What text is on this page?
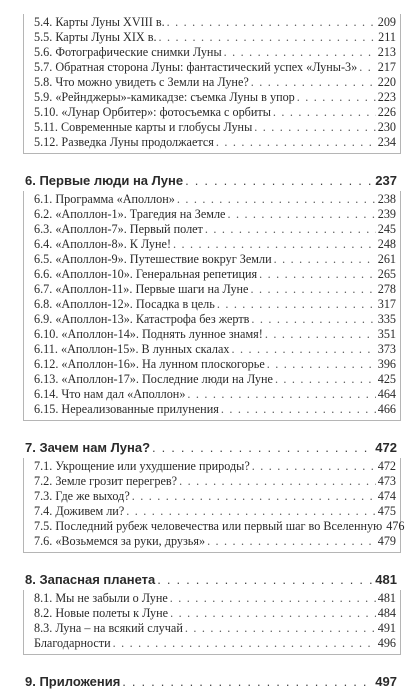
5.4. Карты Луны XVIII в. . . .	209
5.5. Карты Луны XIX в. . . .	211
5.6. Фотографические снимки Луны . . .	213
5.7. Обратная сторона Луны: фантастический успех «Луны-3» . . . 217
5.8. Что можно увидеть с Земли на Луне? . . .	220
5.9. «Рейнджеры»-камикадзе: съемка Луны в упор . . .	223
5.10. «Лунар Орбитер»: фотосъемка с орбиты . . .	226
5.11. Современные карты и глобусы Луны . . .	230
5.12. Разведка Луны продолжается . . .	234
6. Первые люди на Луне . . .	237
6.1. Программа «Аполлон» . . .	238
6.2. «Аполлон-1». Трагедия на Земле . . .	239
6.3. «Аполлон-7». Первый полет . . .	245
6.4. «Аполлон-8». К Луне! . . .	248
6.5. «Аполлон-9». Путешествие вокруг Земли . . .	261
6.6. «Аполлон-10». Генеральная репетиция . . .	265
6.7. «Аполлон-11». Первые шаги на Луне . . .	278
6.8. «Аполлон-12». Посадка в цель . . .	317
6.9. «Аполлон-13». Катастрофа без жертв . . .	335
6.10. «Аполлон-14». Поднять лунное знамя! . . .	351
6.11. «Аполлон-15». В лунных скалах . . .	373
6.12. «Аполлон-16». На лунном плоскогорье . . .	396
6.13. «Аполлон-17». Последние люди на Луне . . .	425
6.14. Что нам дал «Аполлон» . . .	464
6.15. Нереализованные прилунения . . .	466
7. Зачем нам Луна? . . .	472
7.1. Укрощение или ухудшение природы? . . .	472
7.2. Земле грозит перегрев? . . .	473
7.3. Где же выход? . . .	474
7.4. Доживем ли? . . .	475
7.5. Последний рубеж человечества или первый шаг во Вселенную 476
7.6. «Возьмемся за руки, друзья» . . .	479
8. Запасная планета . . .	481
8.1. Мы не забыли о Луне . . .	481
8.2. Новые полеты к Луне . . .	484
8.3. Луна – на всякий случай . . .	491
Благодарности . . .	496
9. Приложения . . .	497
